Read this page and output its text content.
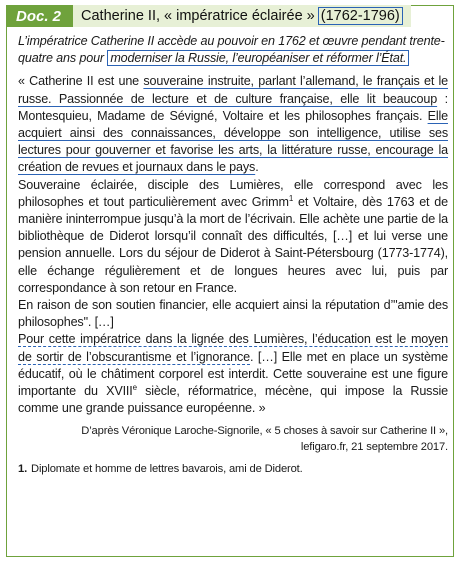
Doc. 2	Catherine II, « impératrice éclairée » (1762-1796)

L’impératrice Catherine II accède au pouvoir en 1762 et œuvre pendant trente-quatre ans pour moderniser la Russie, l’européaniser et réformer l’État.

« Catherine II est une souveraine instruite, parlant l’allemand, le français et le russe. Passionnée de lecture et de culture française, elle lit beaucoup : Montesquieu, Madame de Sévigné, Voltaire et les philosophes français. Elle acquiert ainsi des connaissances, développe son intelligence, utilise ses lectures pour gouverner et favorise les arts, la littérature russe, encourage la création de revues et journaux dans le pays.

Souveraine éclairée, disciple des Lumières, elle correspond avec les philosophes et tout particulièrement avec Grimm$^1$ et Voltaire, dès 1763 et de manière ininterrompue jusqu’à la mort de l’écrivain. Elle achète une partie de la bibliothèque de Diderot lorsqu’il connaît des difficultés, […] et lui verse une pension annuelle. Lors du séjour de Diderot à Saint-Pétersbourg (1773-1774), elle échange régulièrement et de longues heures avec lui, puis par correspondance à son retour en France.

En raison de son soutien financier, elle acquiert ainsi la réputation d’"amie des philosophes". […]

Pour cette impératrice dans la lignée des Lumières, l’éducation est le moyen de sortir de l’obscurantisme et l’ignorance. […] Elle met en place un système éducatif, où le châtiment corporel est interdit. Cette souveraine est une figure importante du XVIIIe siècle, réformatrice, mécène, qui impose la Russie comme une grande puissance européenne. »

D’après Véronique Laroche-Signorile, « 5 choses à savoir sur Catherine II »,
lefigaro.fr, 21 septembre 2017.
1. Diplomate et homme de lettres bavarois, ami de Diderot.
